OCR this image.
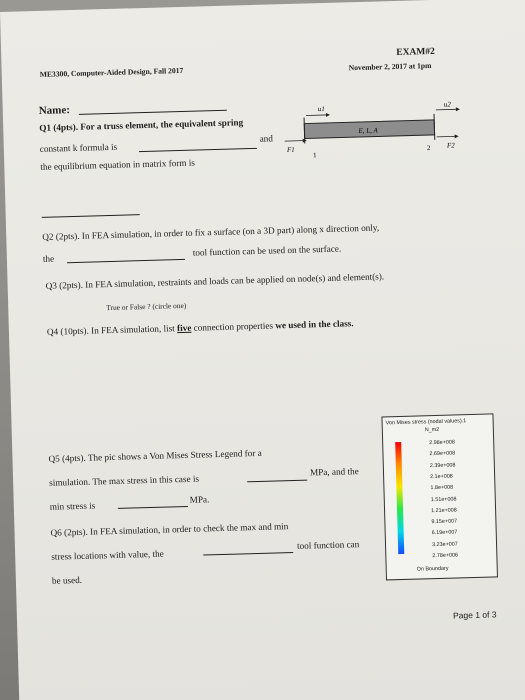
ME3300, Computer-Aided Design, Fall 2017
EXAM#2
November 2, 2017 at 1pm
Name:
Q1 (4pts). For a truss element, the equivalent spring
constant k formula is
and
the equilibrium equation in matrix form is
u1
u2
E, L, A
F1
F2
1
2
Q2 (2pts). In FEA simulation, in order to fix a surface (on a 3D part) along x direction only,
the
tool function can be used on the surface.
Q3 (2pts). In FEA simulation, restraints and loads can be applied on node(s) and element(s).
True or False ? (circle one)
Q4 (10pts). In FEA simulation, list five connection properties we used in the class.
Q5 (4pts). The pic shows a Von Mises Stress Legend for a
simulation. The max stress in this case is
MPa, and the
min stress is
MPa.
Q6 (2pts). In FEA simulation, in order to check the max and min
stress locations with value, the
tool function can
be used.
Von Mises stress (nodal values).1
N_m2
2.98e+008
2.69e+008
2.39e+008
2.1e+008
1.8e+008
1.51e+008
1.21e+008
9.15e+007
6.19e+007
3.23e+007
2.78e+006
On Boundary
Page 1 of 3
